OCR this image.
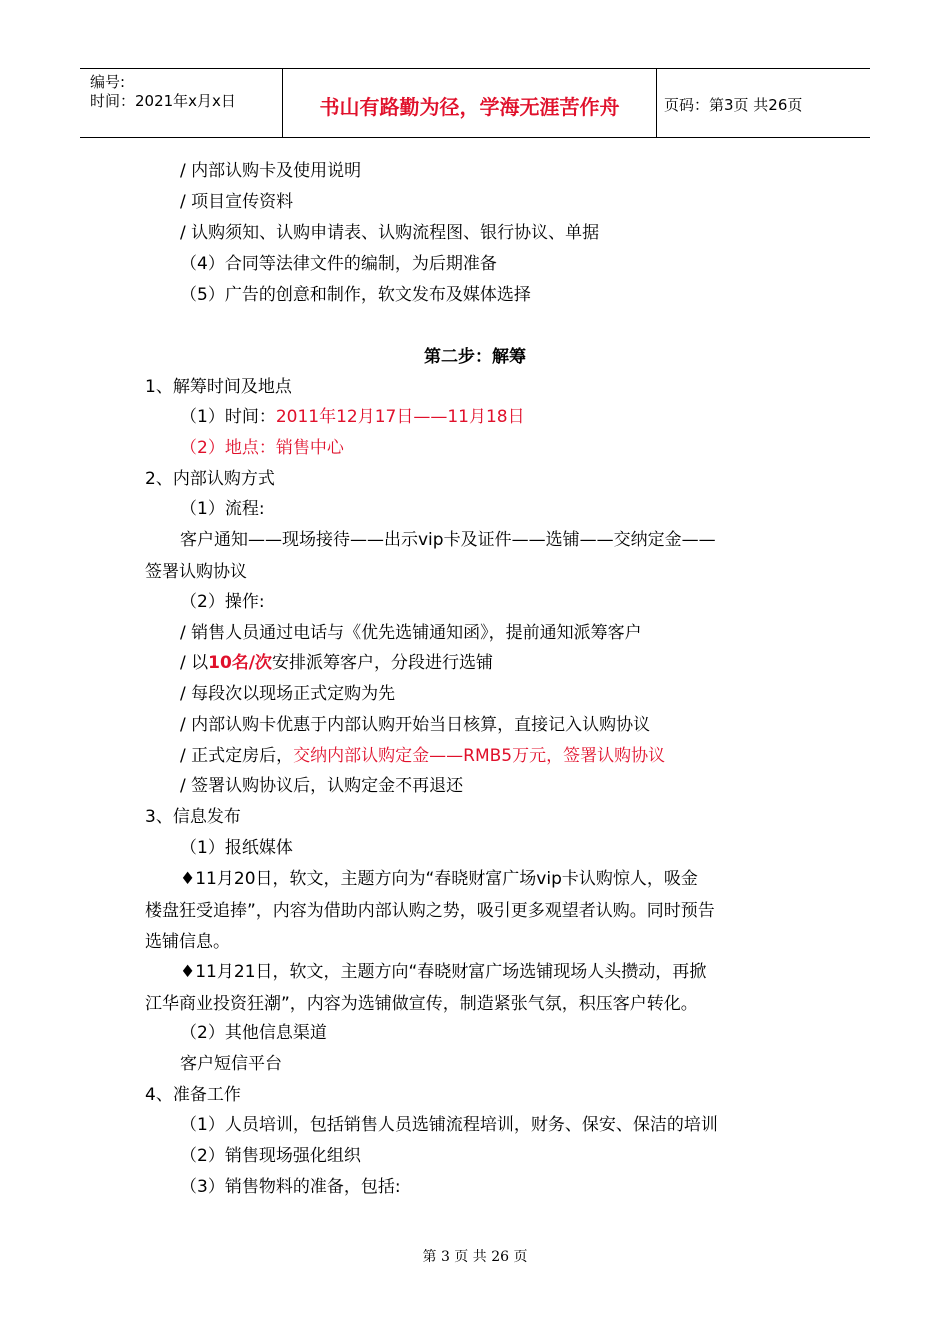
编号:
时间：2021年x月x日	书山有路勤为径，学海无涯苦作舟	页码：第3页 共26页
/ 内部认购卡及使用说明
/ 项目宣传资料
/ 认购须知、认购申请表、认购流程图、银行协议、单据
（4）合同等法律文件的编制，为后期准备
（5）广告的创意和制作，软文发布及媒体选择
第二步：解筹
1、解筹时间及地点
（1）时间：2011年12月17日——11月18日
（2）地点：销售中心
2、内部认购方式
（1）流程:
客户通知——现场接待——出示vip卡及证件——选铺——交纳定金——
签署认购协议
（2）操作:
/ 销售人员通过电话与《优先选铺通知函》，提前通知派筹客户
/ 以10名/次安排派筹客户，分段进行选铺
/ 每段次以现场正式定购为先
/ 内部认购卡优惠于内部认购开始当日核算，直接记入认购协议
/ 正式定房后，交纳内部认购定金——RMB5万元，签署认购协议
/ 签署认购协议后，认购定金不再退还
3、信息发布
（1）报纸媒体
♦11月20日，软文，主题方向为“春晓财富广场vip卡认购惊人，吸金
楼盘狂受追捧”，内容为借助内部认购之势，吸引更多观望者认购。同时预告
选铺信息。
♦11月21日，软文，主题方向“春晓财富广场选铺现场人头攒动，再掀
江华商业投资狂潮”，内容为选铺做宣传，制造紧张气氛，积压客户转化。
（2）其他信息渠道
客户短信平台
4、准备工作
（1）人员培训，包括销售人员选铺流程培训，财务、保安、保洁的培训
（2）销售现场强化组织
（3）销售物料的准备，包括:
第 3 页 共 26 页
